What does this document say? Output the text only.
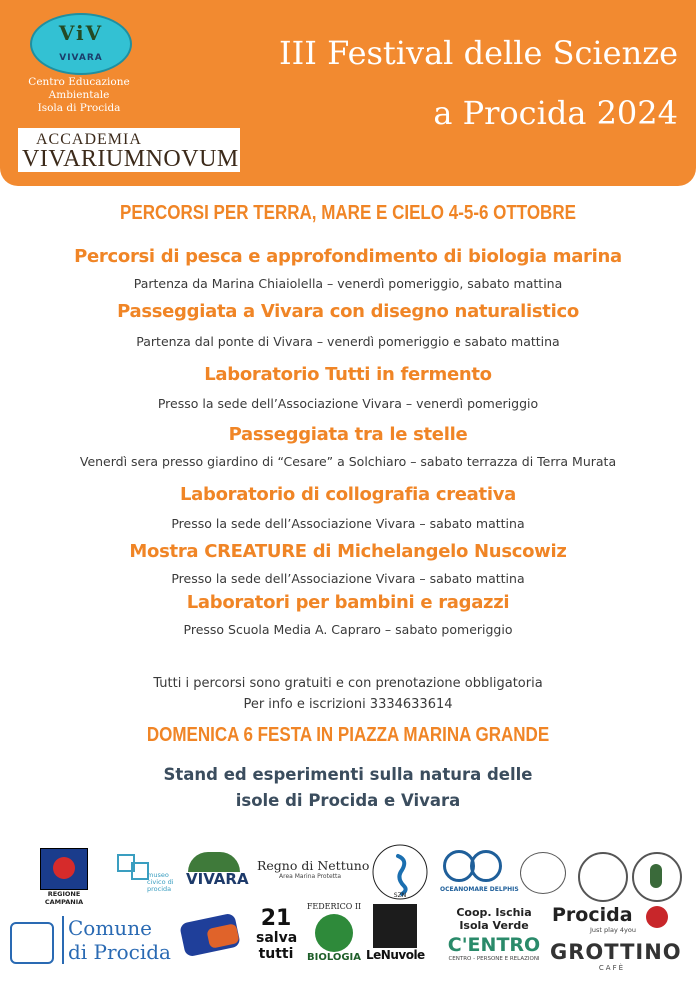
ViV
VIVARA
Centro Educazione
Ambientale
Isola di Procida
ACCADEMIA
VIVARIUMNOVUM
III Festival delle Scienze
a Procida 2024
PERCORSI PER TERRA, MARE E CIELO 4-5-6 OTTOBRE
Percorsi di pesca e approfondimento di biologia marina
Partenza da Marina Chiaiolella – venerdì pomeriggio, sabato mattina
Passeggiata a Vivara con disegno naturalistico
Partenza dal ponte di Vivara – venerdì pomeriggio e sabato mattina
Laboratorio Tutti in fermento
Presso la sede dell’Associazione Vivara – venerdì pomeriggio
Passeggiata tra le stelle
Venerdì sera presso giardino di “Cesare” a Solchiaro – sabato terrazza di Terra Murata
Laboratorio di collografia creativa
Presso la sede dell’Associazione Vivara – sabato mattina
Mostra CREATURE di Michelangelo Nuscowiz
Presso la sede dell’Associazione Vivara – sabato mattina
Laboratori per bambini e ragazzi
Presso Scuola Media A. Capraro – sabato pomeriggio
Tutti i percorsi sono gratuiti e con prenotazione obbligatoria
Per info e iscrizioni 3334633614
DOMENICA 6 FESTA IN PIAZZA MARINA GRANDE
Stand ed esperimenti sulla natura delle
isole di Procida e Vivara
REGIONE CAMPANIA
museo civico di procida
VIVARA
Regno di Nettuno
Area Marina Protetta
SZN
OCEANOMARE DELPHIS
Comune
di Procida
21
salva
tutti
FEDERICO II
BIOLOGIA LeNuvole
Coop. Ischia
Isola Verde
C'ENTRO
CENTRO - PERSONE E RELAZIONI
Procida
Just play 4you
GROTTINO
CAFÈ
